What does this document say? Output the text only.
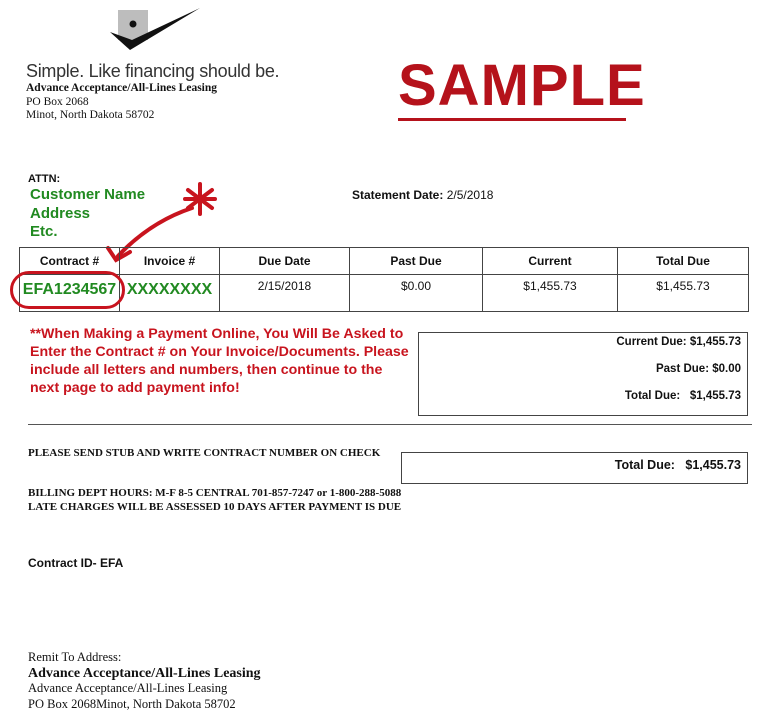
Simple. Like financing should be.
Advance Acceptance/All-Lines Leasing
PO Box 2068
Minot, North Dakota 58702	SAMPLE
ATTN:
Customer Name
Address
Etc.
Statement Date: 2/5/2018
Contract #	Invoice #	Due Date	Past Due	Current	Total Due
EFA1234567	XXXXXXXX	2/15/2018	$0.00	$1,455.73	$1,455.73
**When Making a Payment Online, You Will Be Asked to Enter the Contract # on Your Invoice/Documents. Please include all letters and numbers, then continue to the next page to add payment info!
Current Due: $1,455.73
Past Due: $0.00
Total Due:   $1,455.73
PLEASE SEND STUB AND WRITE CONTRACT NUMBER ON CHECK
BILLING DEPT HOURS: M-F 8-5 CENTRAL 701-857-7247 or 1-800-288-5088
LATE CHARGES WILL BE ASSESSED 10 DAYS AFTER PAYMENT IS DUE
Contract ID- EFA
Total Due:   $1,455.73
Remit To Address:
Advance Acceptance/All-Lines Leasing
Advance Acceptance/All-Lines Leasing
PO Box 2068Minot, North Dakota 58702
